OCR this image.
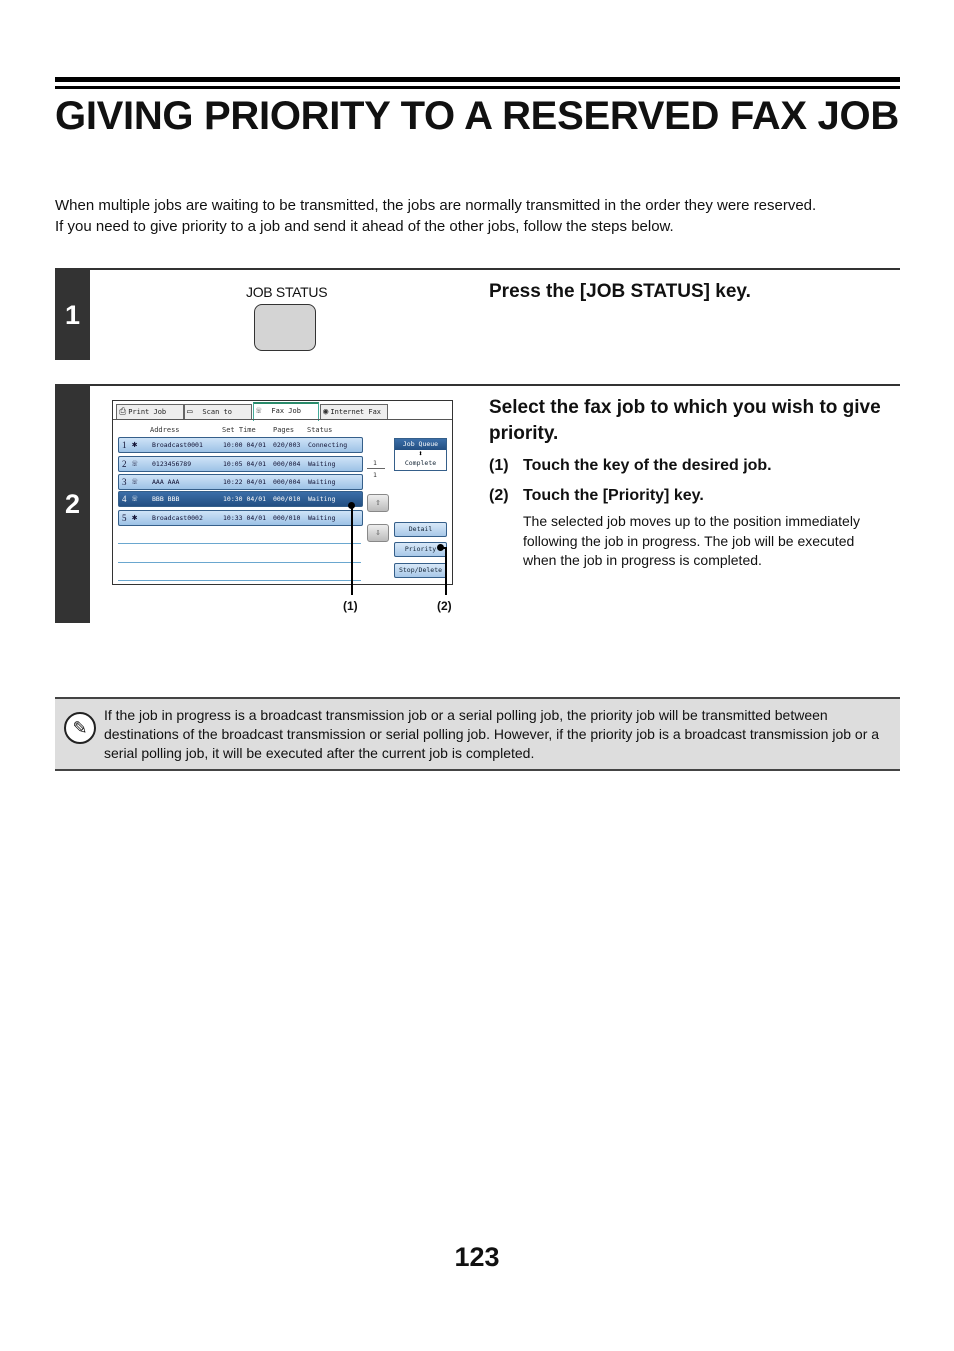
GIVING PRIORITY TO A RESERVED FAX JOB

When multiple jobs are waiting to be transmitted, the jobs are normally transmitted in the order they were reserved.

If you need to give priority to a job and send it ahead of the other jobs, follow the steps below.

1
JOB STATUS	Press the [JOB STATUS] key.

2
⎙ Print Job	▭ Scan to	☏ Fax Job	◉ Internet Fax
Address	Set Time Pages Status
1 ✱ Broadcast0001	10:00 04/01 020/003 Connecting
2 ☏ 0123456789	10:05 04/01 000/004 Waiting
3 ☏ AAA AAA	10:22 04/01 000/004 Waiting
4 ☏ BBB BBB	10:30 04/01 000/010 Waiting
5 ✱ Broadcast0002	10:33 04/01 000/010 Waiting
1
1
⇧
⇩
Job Queue
⬍
Complete
Detail
Priority
Stop/Delete
(1)	(2)

Select the fax job to which you wish to give priority.

(1) Touch the key of the desired job.
(2) Touch the [Priority] key.

The selected job moves up to the position immediately following the job in progress. The job will be executed when the job in progress is completed.

✎

If the job in progress is a broadcast transmission job or a serial polling job, the priority job will be transmitted between destinations of the broadcast transmission or serial polling job. However, if the priority job is a broadcast transmission job or a serial polling job, it will be executed after the current job is completed.

123
